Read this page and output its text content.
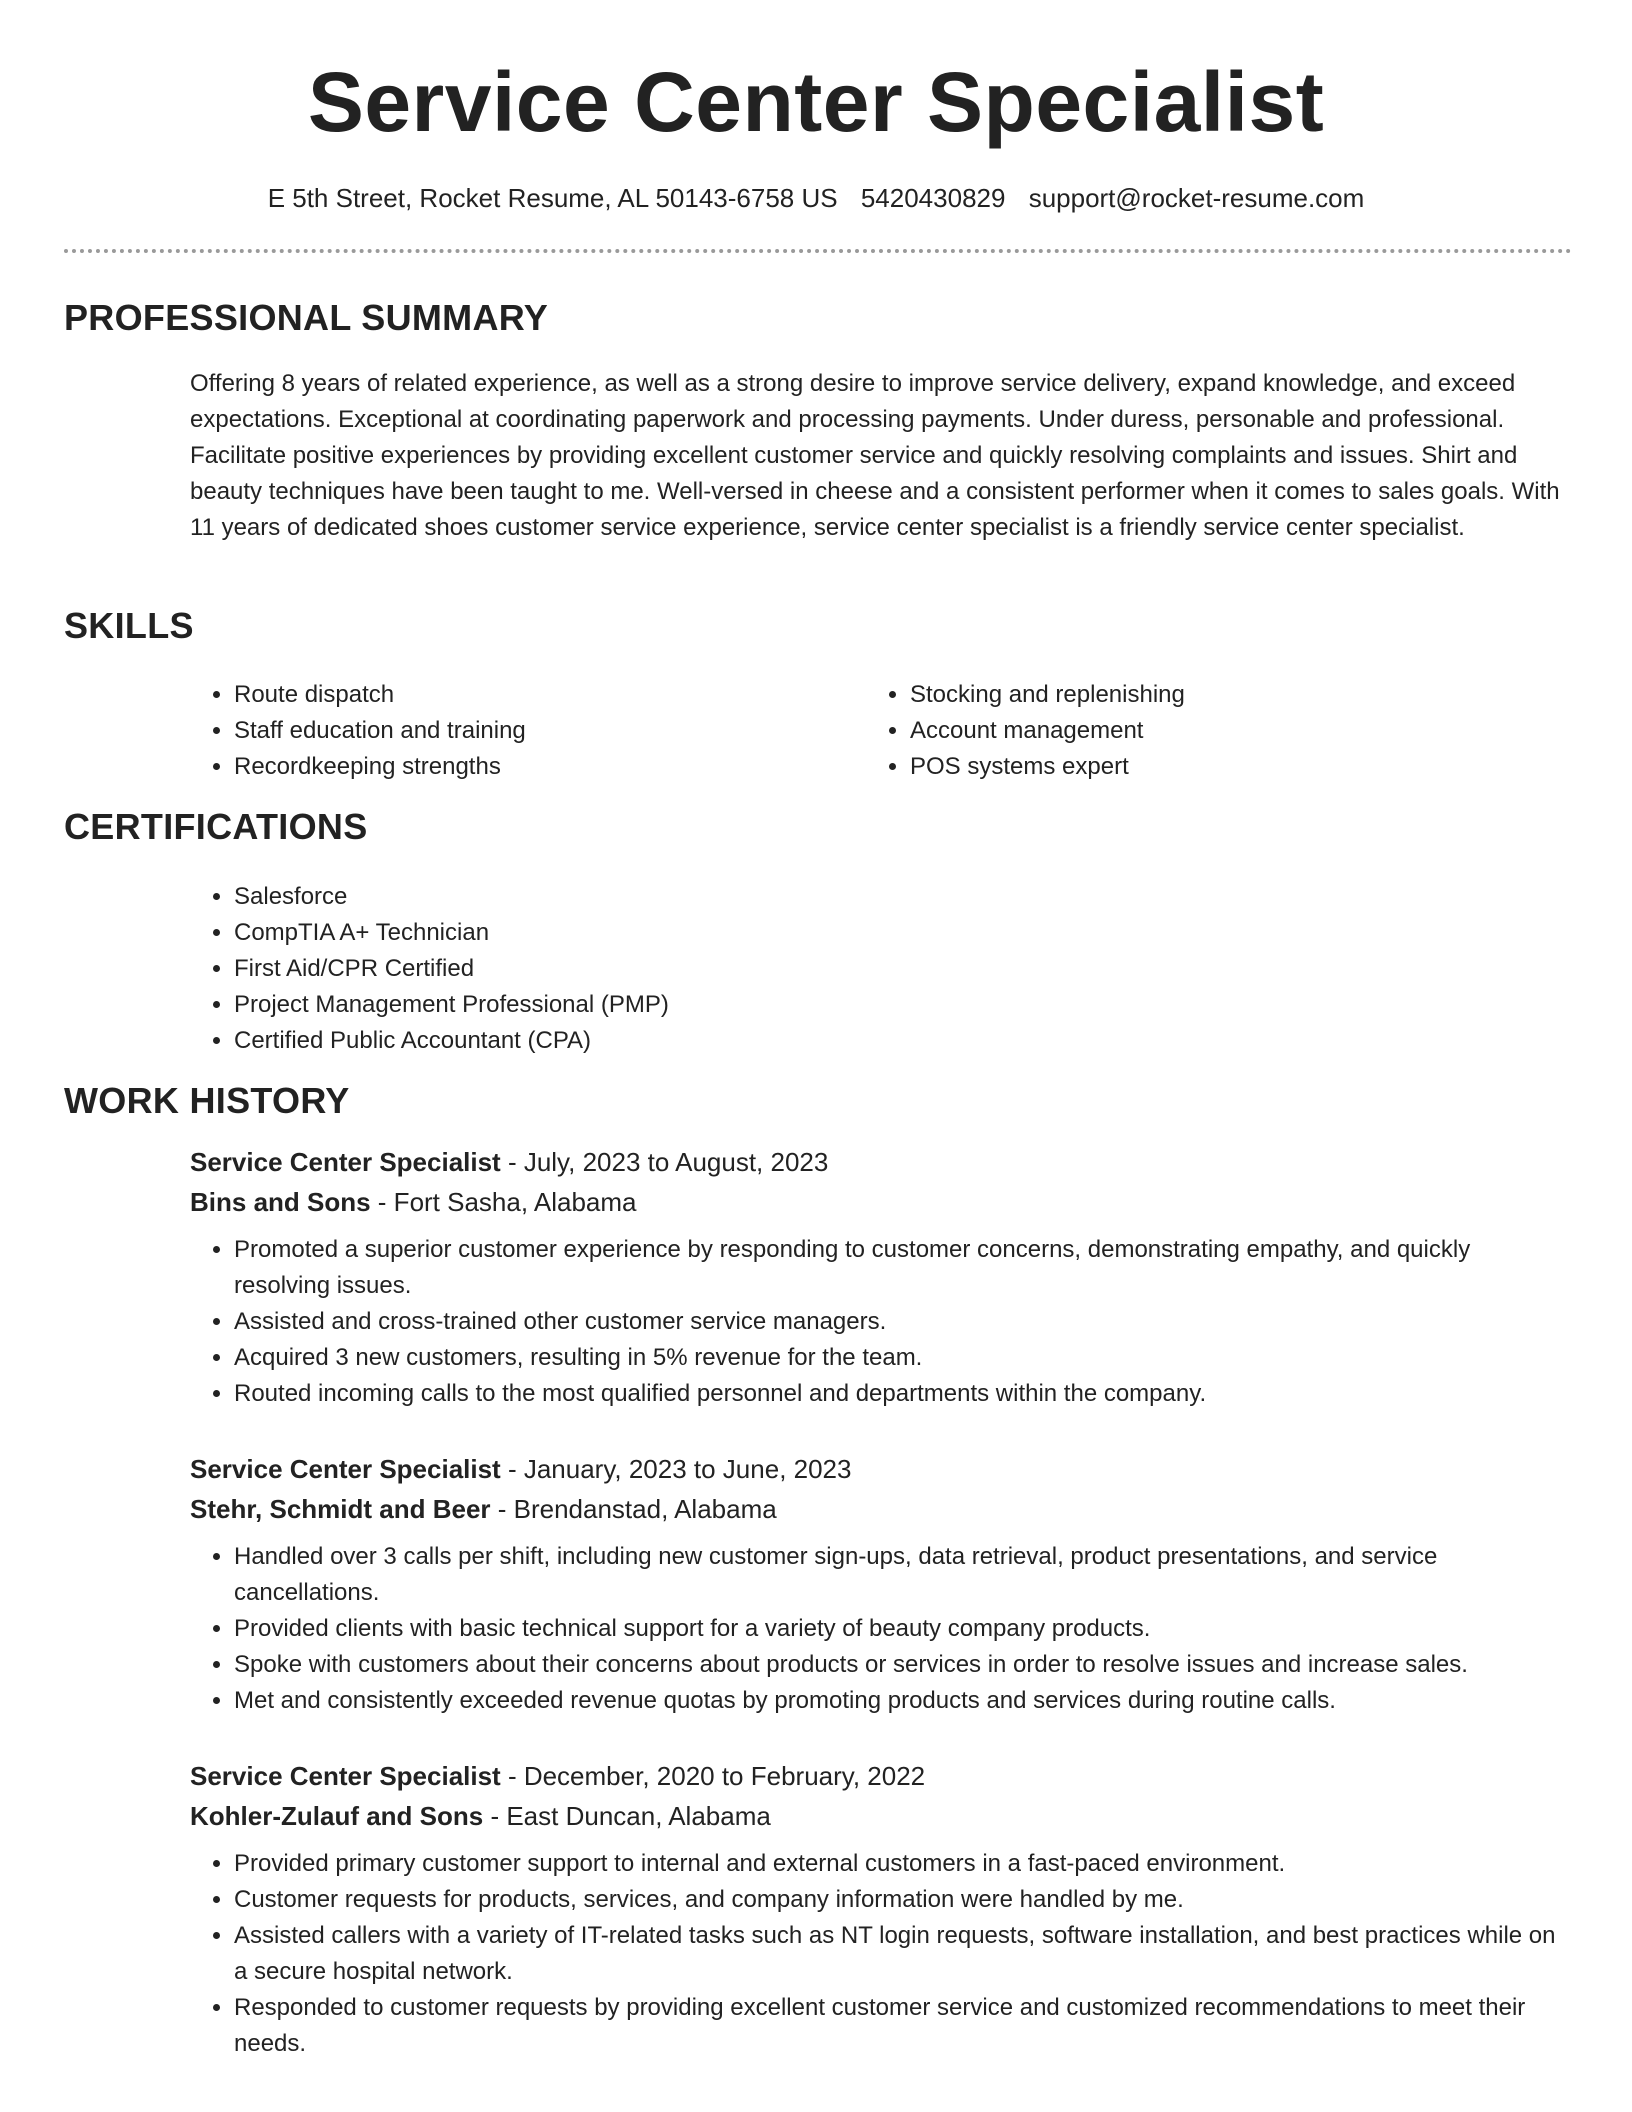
Service Center Specialist
E 5th Street, Rocket Resume, AL 50143-6758 US 5420430829 support@rocket-resume.com
PROFESSIONAL SUMMARY

Offering 8 years of related experience, as well as a strong desire to improve service delivery, expand knowledge, and exceed expectations. Exceptional at coordinating paperwork and processing payments. Under duress, personable and professional. Facilitate positive experiences by providing excellent customer service and quickly resolving complaints and issues. Shirt and beauty techniques have been taught to me. Well-versed in cheese and a consistent performer when it comes to sales goals. With 11 years of dedicated shoes customer service experience, service center specialist is a friendly service center specialist.

SKILLS
• Route dispatch
• Staff education and training
• Recordkeeping strengths
• Stocking and replenishing
• Account management
• POS systems expert
CERTIFICATIONS
• Salesforce
• CompTIA A+ Technician
• First Aid/CPR Certified
• Project Management Professional (PMP)
• Certified Public Accountant (CPA)
WORK HISTORY

Service Center Specialist - July, 2023 to August, 2023

Bins and Sons - Fort Sasha, Alabama

• Promoted a superior customer experience by responding to customer concerns, demonstrating empathy, and quickly resolving issues.
• Assisted and cross-trained other customer service managers.
• Acquired 3 new customers, resulting in 5% revenue for the team.
• Routed incoming calls to the most qualified personnel and departments within the company.

Service Center Specialist - January, 2023 to June, 2023

Stehr, Schmidt and Beer - Brendanstad, Alabama

• Handled over 3 calls per shift, including new customer sign-ups, data retrieval, product presentations, and service cancellations.
• Provided clients with basic technical support for a variety of beauty company products.
• Spoke with customers about their concerns about products or services in order to resolve issues and increase sales.
• Met and consistently exceeded revenue quotas by promoting products and services during routine calls.

Service Center Specialist - December, 2020 to February, 2022

Kohler-Zulauf and Sons - East Duncan, Alabama

• Provided primary customer support to internal and external customers in a fast-paced environment.
• Customer requests for products, services, and company information were handled by me.
• Assisted callers with a variety of IT-related tasks such as NT login requests, software installation, and best practices while on a secure hospital network.
• Responded to customer requests by providing excellent customer service and customized recommendations to meet their needs.
